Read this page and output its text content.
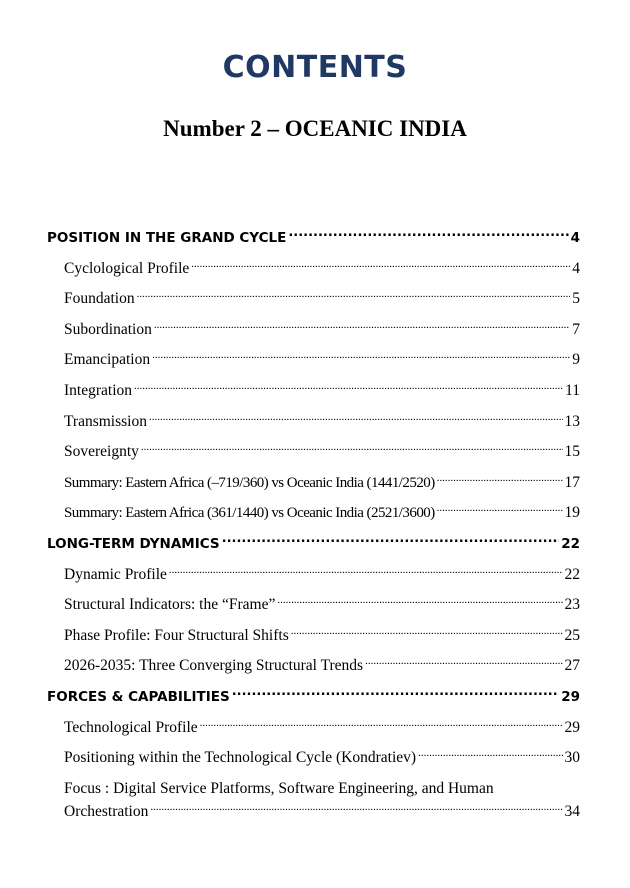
CONTENTS
Number 2 – OCEANIC INDIA
POSITION IN THE GRAND CYCLE .....	4
Cyclological Profile .....	4
Foundation .....	5
Subordination .....	7
Emancipation .....	9
Integration .....	11
Transmission .....	13
Sovereignty .....	15
Summary: Eastern Africa (–719/360) vs Oceanic India (1441/2520) .....	17
Summary: Eastern Africa (361/1440) vs Oceanic India (2521/3600) .....	19
LONG-TERM DYNAMICS .....	22
Dynamic Profile .....	22
Structural Indicators: the “Frame” .....	23
Phase Profile: Four Structural Shifts .....	25
2026-2035: Three Converging Structural Trends .....	27
FORCES & CAPABILITIES .....	29
Technological Profile .....	29
Positioning within the Technological Cycle (Kondratiev) .....	30
Focus : Digital Service Platforms, Software Engineering, and Human
Orchestration .....	34
